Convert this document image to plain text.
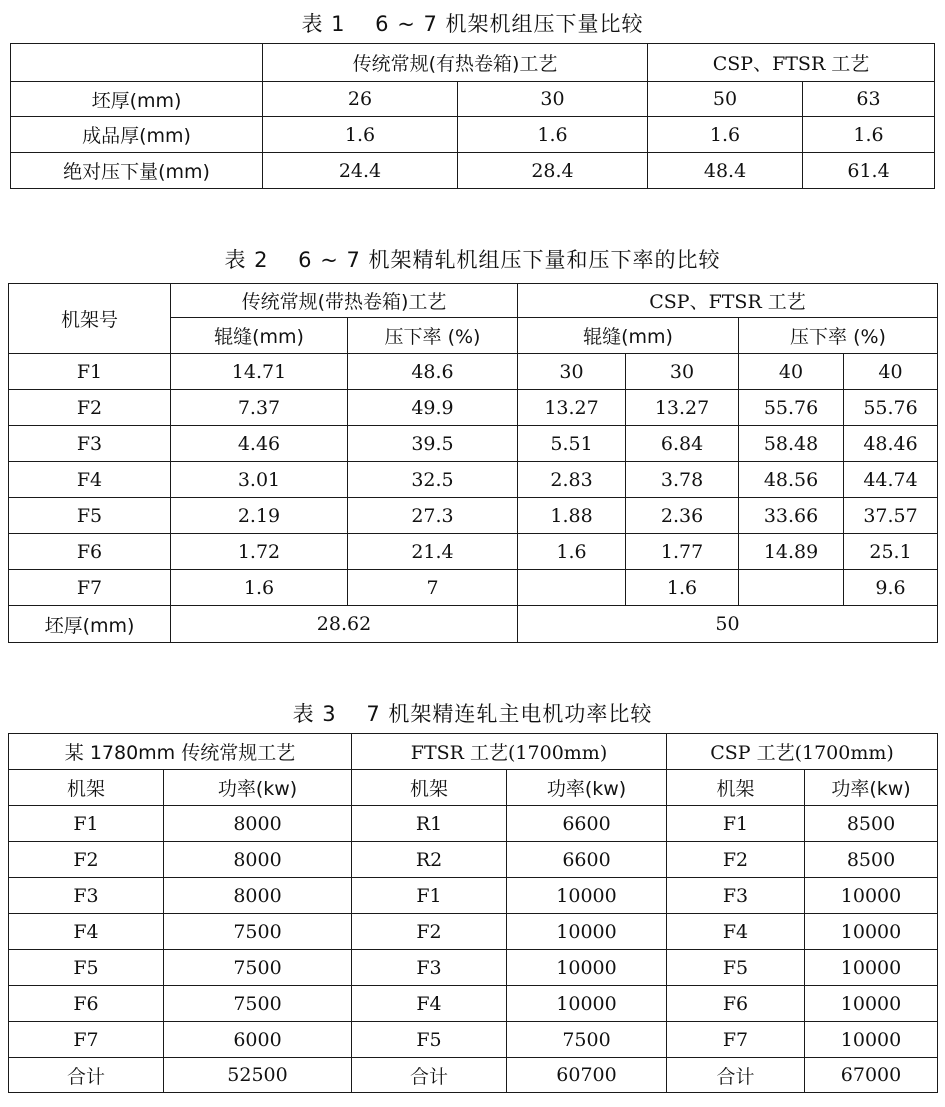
表 1　 6 ~ 7 机架机组压下量比较
	传统常规(有热卷箱)工艺		CSP、FTSR 工艺	
坯厚(mm)	26	30	50	63
成品厚(mm)	1.6	1.6	1.6	1.6
绝对压下量(mm)	24.4	28.4	48.4	61.4
表 2　 6 ~ 7 机架精轧机组压下量和压下率的比较
机架号	传统常规(带热卷箱)工艺		CSP、FTSR 工艺			
	辊缝(mm)	压下率 (%)	辊缝(mm)		压下率 (%)	
F1	14.71	48.6	30	30	40	40
F2	7.37	49.9	13.27	13.27	55.76	55.76
F3	4.46	39.5	5.51	6.84	58.48	48.46
F4	3.01	32.5	2.83	3.78	48.56	44.74
F5	2.19	27.3	1.88	2.36	33.66	37.57
F6	1.72	21.4	1.6	1.77	14.89	25.1
F7	1.6	7		1.6		9.6
坯厚(mm)	28.62		50			
表 3　 7 机架精连轧主电机功率比较
某 1780mm 传统常规工艺		FTSR 工艺(1700mm)		CSP 工艺(1700mm)	
机架	功率(kw)	机架	功率(kw)	机架	功率(kw)
F1	8000	R1	6600	F1	8500
F2	8000	R2	6600	F2	8500
F3	8000	F1	10000	F3	10000
F4	7500	F2	10000	F4	10000
F5	7500	F3	10000	F5	10000
F6	7500	F4	10000	F6	10000
F7	6000	F5	7500	F7	10000
合计	52500	合计	60700	合计	67000
